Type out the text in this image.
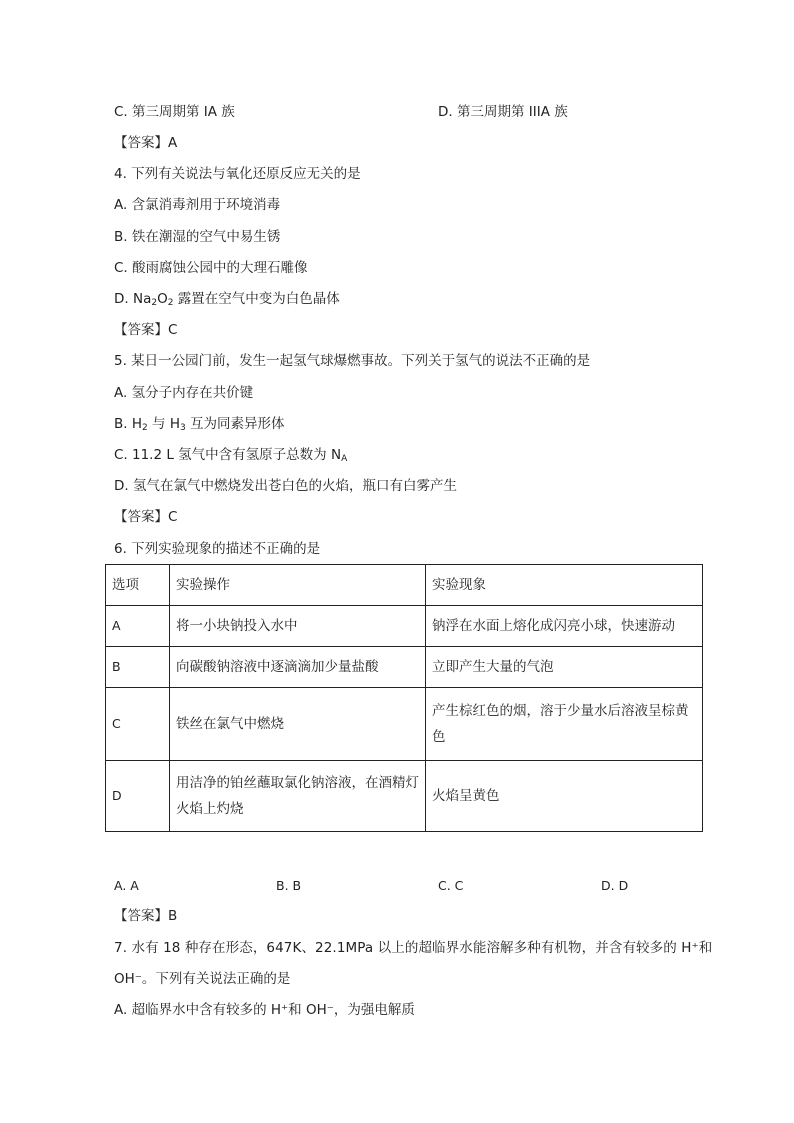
C. 第三周期第 IA 族	D. 第三周期第 IIIA 族
【答案】A
4. 下列有关说法与氧化还原反应无关的是
A. 含氯消毒剂用于环境消毒
B. 铁在潮湿的空气中易生锈
C. 酸雨腐蚀公园中的大理石雕像
D. $Na_2O_2$ 露置在空气中变为白色晶体
【答案】C
5. 某日一公园门前，发生一起氢气球爆燃事故。下列关于氢气的说法不正确的是
A. 氢分子内存在共价键
B. $H_2$ 与 $H_3$ 互为同素异形体
C. 11.2 L 氢气中含有氢原子总数为 $N_A$
D. 氢气在氯气中燃烧发出苍白色的火焰，瓶口有白雾产生
【答案】C
6. 下列实验现象的描述不正确的是
选项	实验操作	实验现象
A	将一小块钠投入水中	钠浮在水面上熔化成闪亮小球，快速游动
B	向碳酸钠溶液中逐滴滴加少量盐酸	立即产生大量的气泡
C	铁丝在氯气中燃烧	产生棕红色的烟，溶于少量水后溶液呈棕黄色
D	用洁净的铂丝蘸取氯化钠溶液，在酒精灯火焰上灼烧	火焰呈黄色
A. A	B. B	C. C	D. D
【答案】B
7. 水有 18 种存在形态，647K、22.1MPa 以上的超临界水能溶解多种有机物，并含有较多的 H⁺和
OH⁻。下列有关说法正确的是
A. 超临界水中含有较多的 H⁺和 OH⁻，为强电解质
